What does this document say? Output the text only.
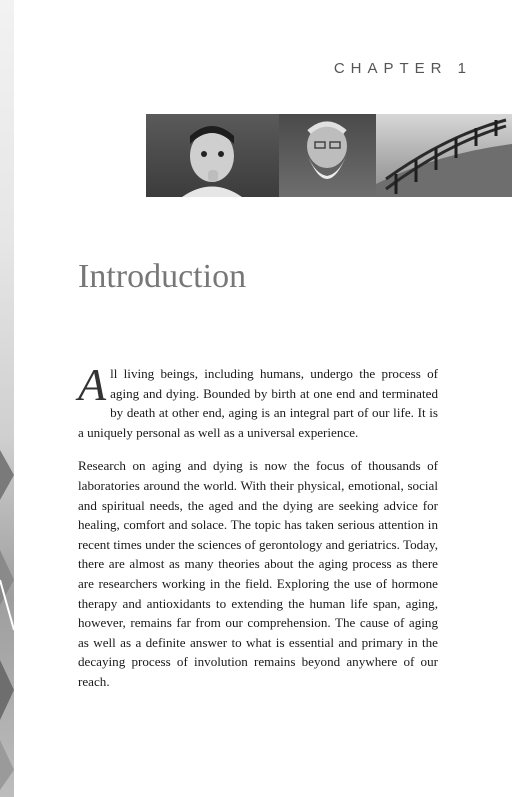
CHAPTER 1
Introduction

All living beings, including humans, undergo the process of aging and dying. Bounded by birth at one end and terminated by death at other end, aging is an integral part of our life. It is a uniquely personal as well as a universal experience.

Research on aging and dying is now the focus of thousands of laboratories around the world. With their physical, emotional, social and spiritual needs, the aged and the dying are seeking advice for healing, comfort and solace. The topic has taken serious attention in recent times under the sciences of gerontology and geriatrics. Today, there are almost as many theories about the aging process as there are researchers working in the field. Exploring the use of hormone therapy and antioxidants to extending the human life span, aging, however, remains far from our comprehension. The cause of aging as well as a definite answer to what is essential and primary in the decaying process of involution remains beyond anywhere of our reach.
